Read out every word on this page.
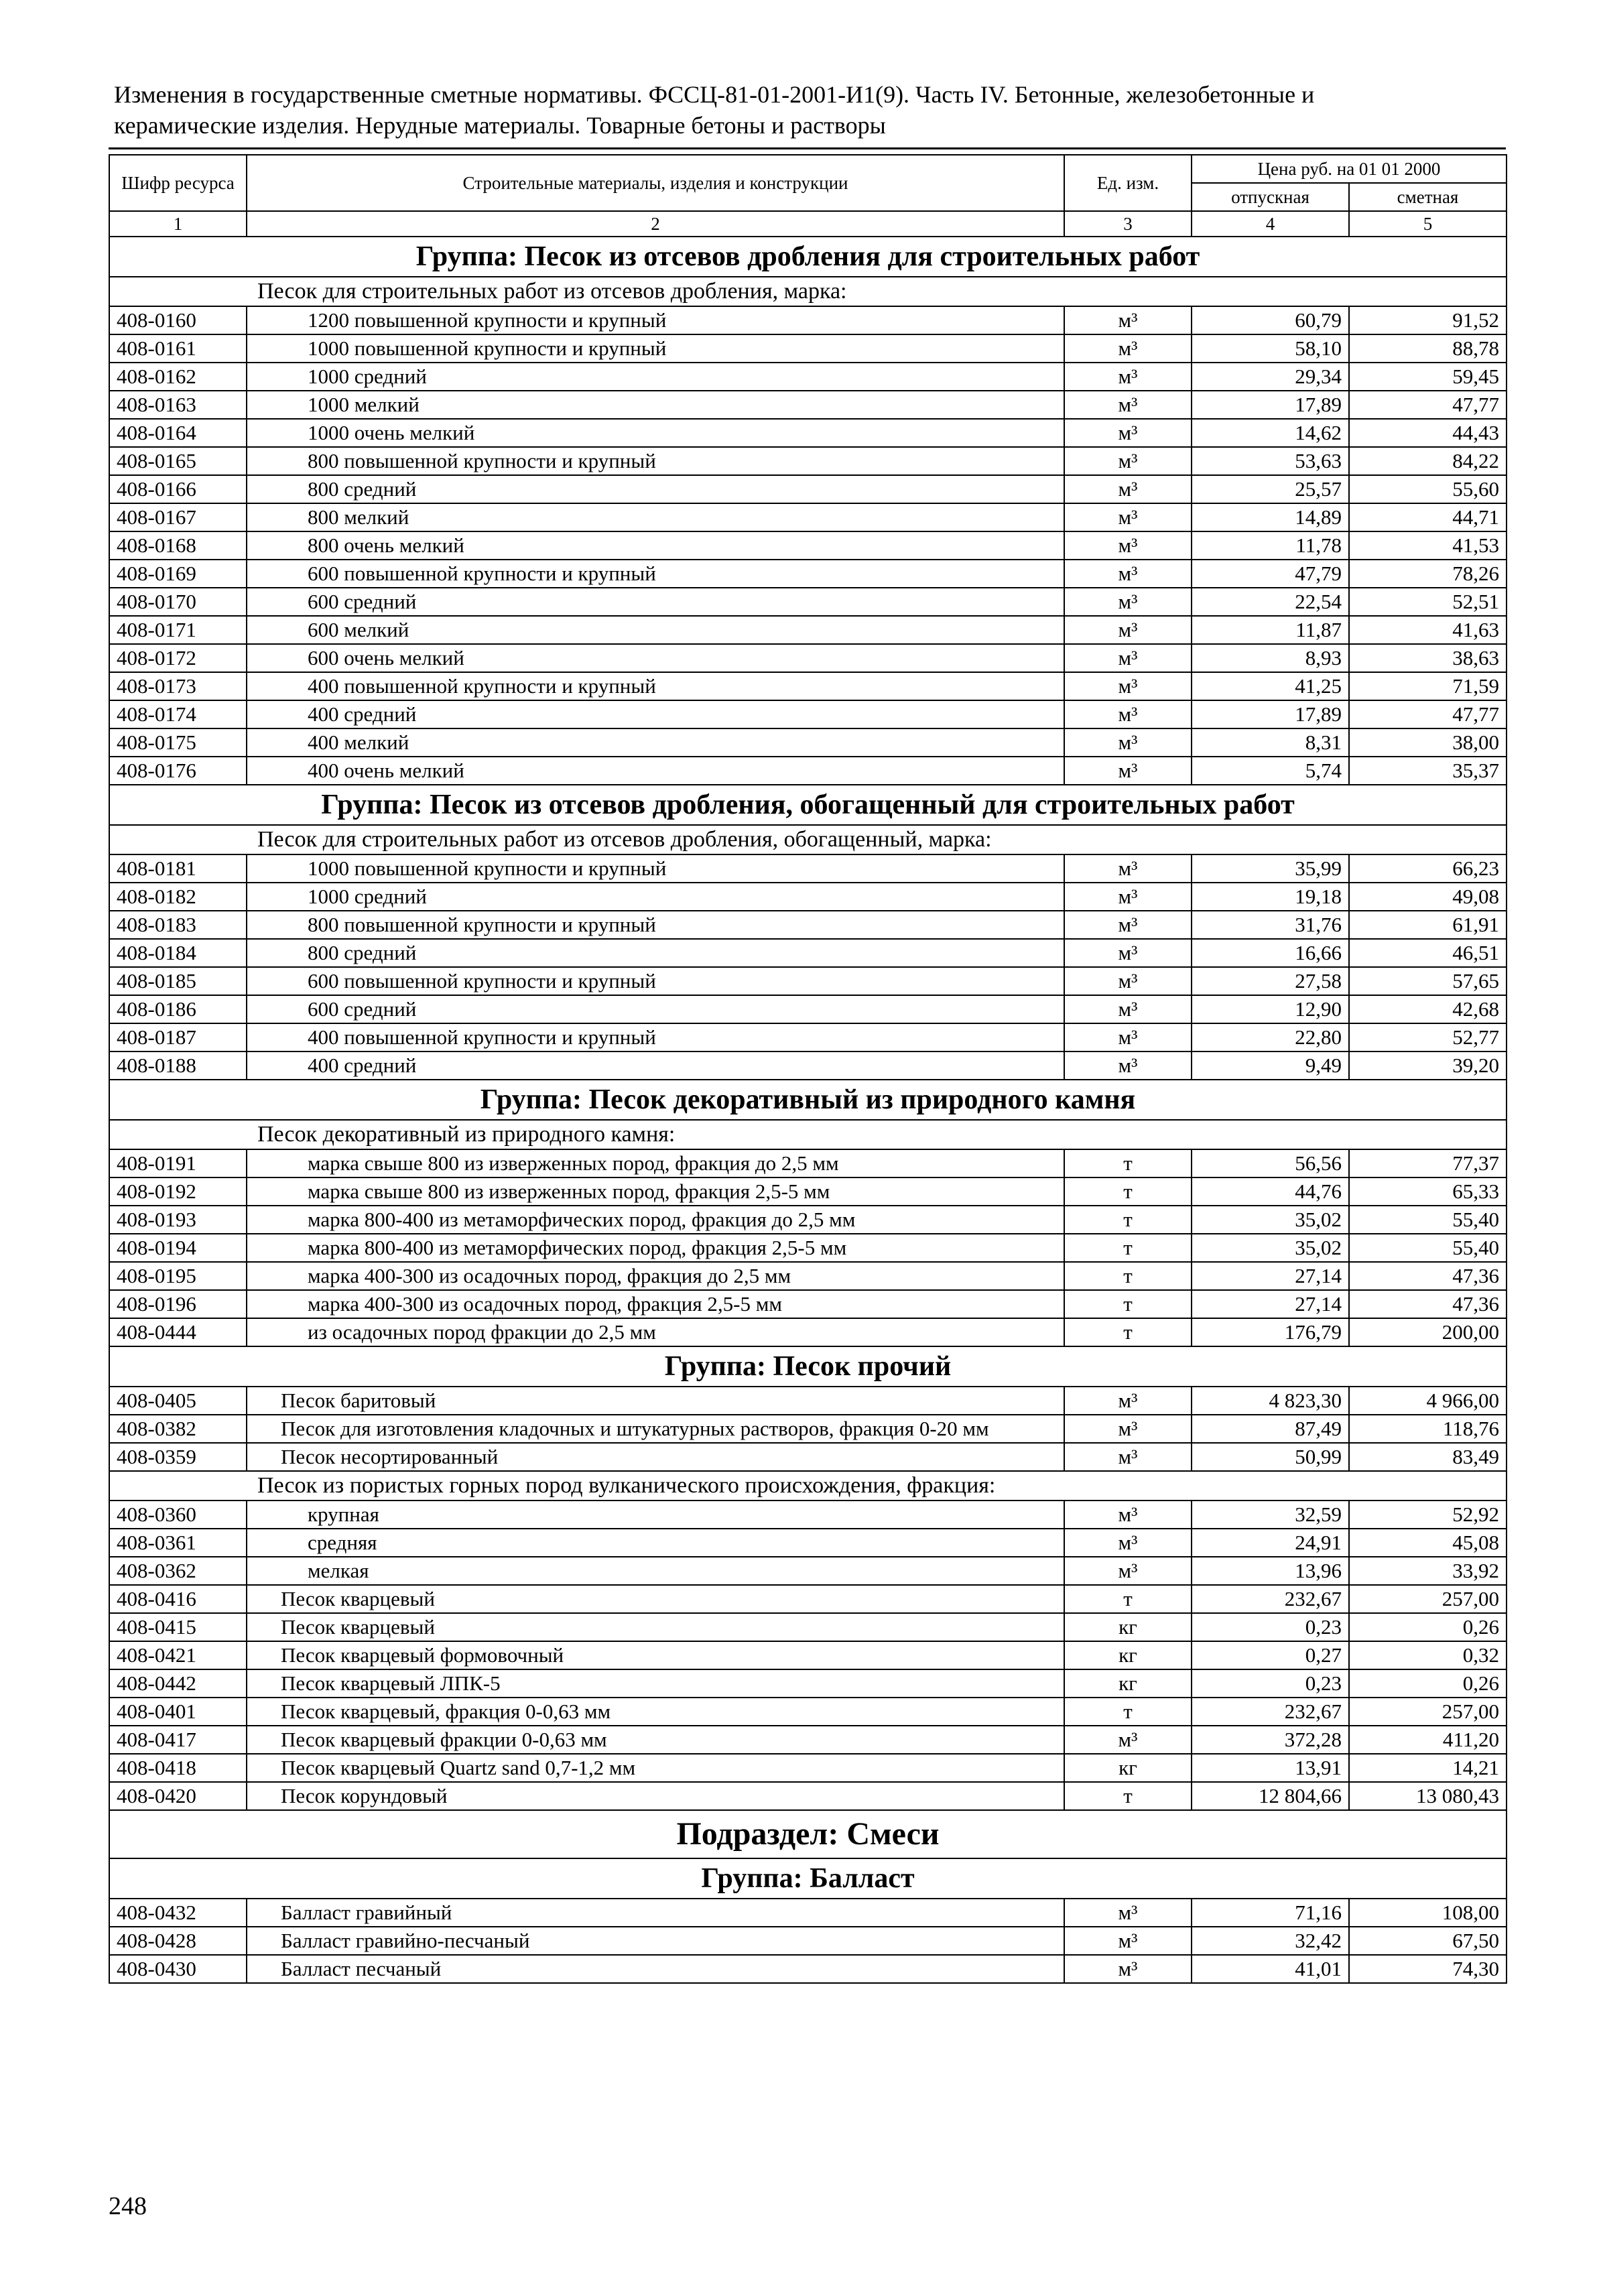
Изменения в государственные сметные нормативы. ФССЦ-81-01-2001-И1(9). Часть IV. Бетонные, железобетонные и
керамические изделия. Нерудные материалы. Товарные бетоны и растворы
Шифр ресурса	Строительные материалы, изделия и конструкции	Ед. изм.	Цена руб. на 01 01 2000	
			отпускная	сметная
1	2	3	4	5
Группа: Песок из отсевов дробления для строительных работ				
Песок для строительных работ из отсевов дробления, марка:				
408-0160	1200 повышенной крупности и крупный	м³	60,79	91,52
408-0161	1000 повышенной крупности и крупный	м³	58,10	88,78
408-0162	1000 средний	м³	29,34	59,45
408-0163	1000 мелкий	м³	17,89	47,77
408-0164	1000 очень мелкий	м³	14,62	44,43
408-0165	800 повышенной крупности и крупный	м³	53,63	84,22
408-0166	800 средний	м³	25,57	55,60
408-0167	800 мелкий	м³	14,89	44,71
408-0168	800 очень мелкий	м³	11,78	41,53
408-0169	600 повышенной крупности и крупный	м³	47,79	78,26
408-0170	600 средний	м³	22,54	52,51
408-0171	600 мелкий	м³	11,87	41,63
408-0172	600 очень мелкий	м³	8,93	38,63
408-0173	400 повышенной крупности и крупный	м³	41,25	71,59
408-0174	400 средний	м³	17,89	47,77
408-0175	400 мелкий	м³	8,31	38,00
408-0176	400 очень мелкий	м³	5,74	35,37
Группа: Песок из отсевов дробления, обогащенный для строительных работ				
Песок для строительных работ из отсевов дробления, обогащенный, марка:				
408-0181	1000 повышенной крупности и крупный	м³	35,99	66,23
408-0182	1000 средний	м³	19,18	49,08
408-0183	800 повышенной крупности и крупный	м³	31,76	61,91
408-0184	800 средний	м³	16,66	46,51
408-0185	600 повышенной крупности и крупный	м³	27,58	57,65
408-0186	600 средний	м³	12,90	42,68
408-0187	400 повышенной крупности и крупный	м³	22,80	52,77
408-0188	400 средний	м³	9,49	39,20
Группа: Песок декоративный из природного камня				
Песок декоративный из природного камня:				
408-0191	марка свыше 800 из изверженных пород, фракция до 2,5 мм	т	56,56	77,37
408-0192	марка свыше 800 из изверженных пород, фракция 2,5-5 мм	т	44,76	65,33
408-0193	марка 800-400 из метаморфических пород, фракция до 2,5 мм	т	35,02	55,40
408-0194	марка 800-400 из метаморфических пород, фракция 2,5-5 мм	т	35,02	55,40
408-0195	марка 400-300 из осадочных пород, фракция до 2,5 мм	т	27,14	47,36
408-0196	марка 400-300 из осадочных пород, фракция 2,5-5 мм	т	27,14	47,36
408-0444	из осадочных пород фракции до 2,5 мм	т	176,79	200,00
Группа: Песок прочий				
408-0405	Песок баритовый	м³	4 823,30	4 966,00
408-0382	Песок для изготовления кладочных и штукатурных растворов, фракция 0-20 мм	м³	87,49	118,76
408-0359	Песок несортированный	м³	50,99	83,49
Песок из пористых горных пород вулканического происхождения, фракция:				
408-0360	крупная	м³	32,59	52,92
408-0361	средняя	м³	24,91	45,08
408-0362	мелкая	м³	13,96	33,92
408-0416	Песок кварцевый	т	232,67	257,00
408-0415	Песок кварцевый	кг	0,23	0,26
408-0421	Песок кварцевый формовочный	кг	0,27	0,32
408-0442	Песок кварцевый ЛПК-5	кг	0,23	0,26
408-0401	Песок кварцевый, фракция 0-0,63 мм	т	232,67	257,00
408-0417	Песок кварцевый фракции 0-0,63 мм	м³	372,28	411,20
408-0418	Песок кварцевый Quartz sand 0,7-1,2 мм	кг	13,91	14,21
408-0420	Песок корундовый	т	12 804,66	13 080,43
Подраздел: Смеси				
Группа: Балласт				
408-0432	Балласт гравийный	м³	71,16	108,00
408-0428	Балласт гравийно-песчаный	м³	32,42	67,50
408-0430	Балласт песчаный	м³	41,01	74,30
248
